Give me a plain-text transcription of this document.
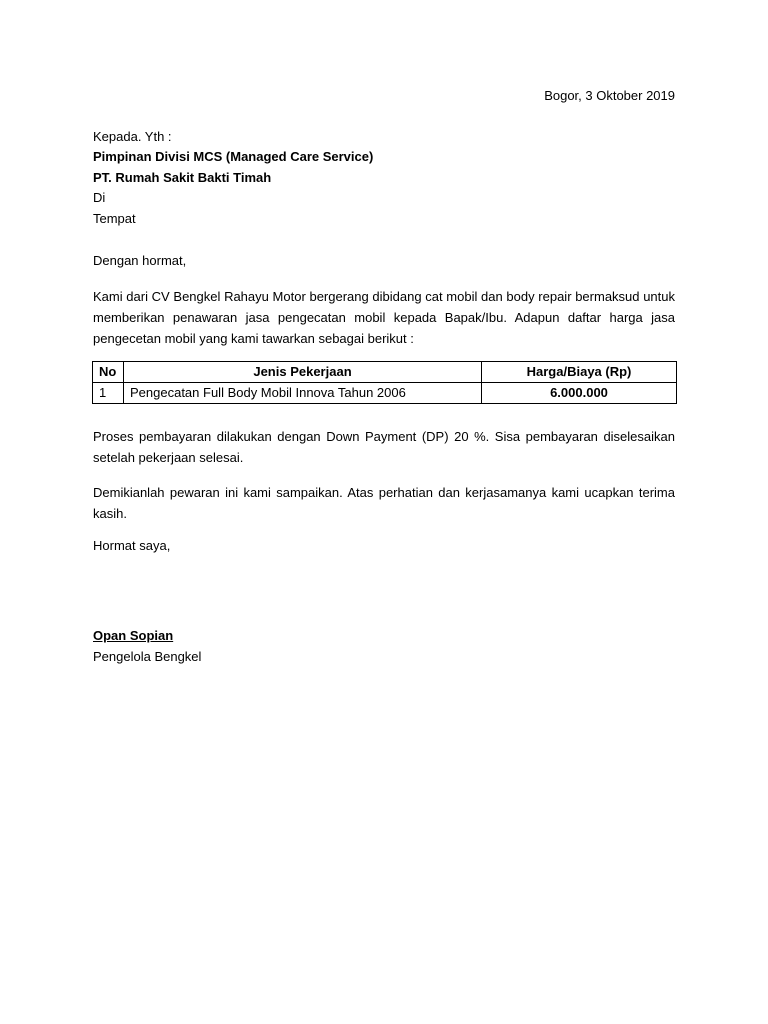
Bogor, 3 Oktober 2019

Kepada. Yth :
Pimpinan Divisi MCS (Managed Care Service)
PT. Rumah Sakit Bakti Timah
Di
Tempat
Dengan hormat,
Kami dari CV Bengkel Rahayu Motor bergerang dibidang cat mobil dan body repair bermaksud untuk memberikan penawaran jasa pengecatan mobil kepada Bapak/Ibu. Adapun daftar harga jasa pengecetan mobil yang kami tawarkan sebagai berikut :
No	Jenis Pekerjaan	Harga/Biaya (Rp)
1	Pengecatan Full Body Mobil Innova Tahun 2006	6.000.000
Proses pembayaran dilakukan dengan Down Payment (DP) 20 %. Sisa pembayaran diselesaikan setelah pekerjaan selesai.
Demikianlah pewaran ini kami sampaikan. Atas perhatian dan kerjasamanya kami ucapkan terima kasih.
Hormat saya,
Opan Sopian
Pengelola Bengkel
